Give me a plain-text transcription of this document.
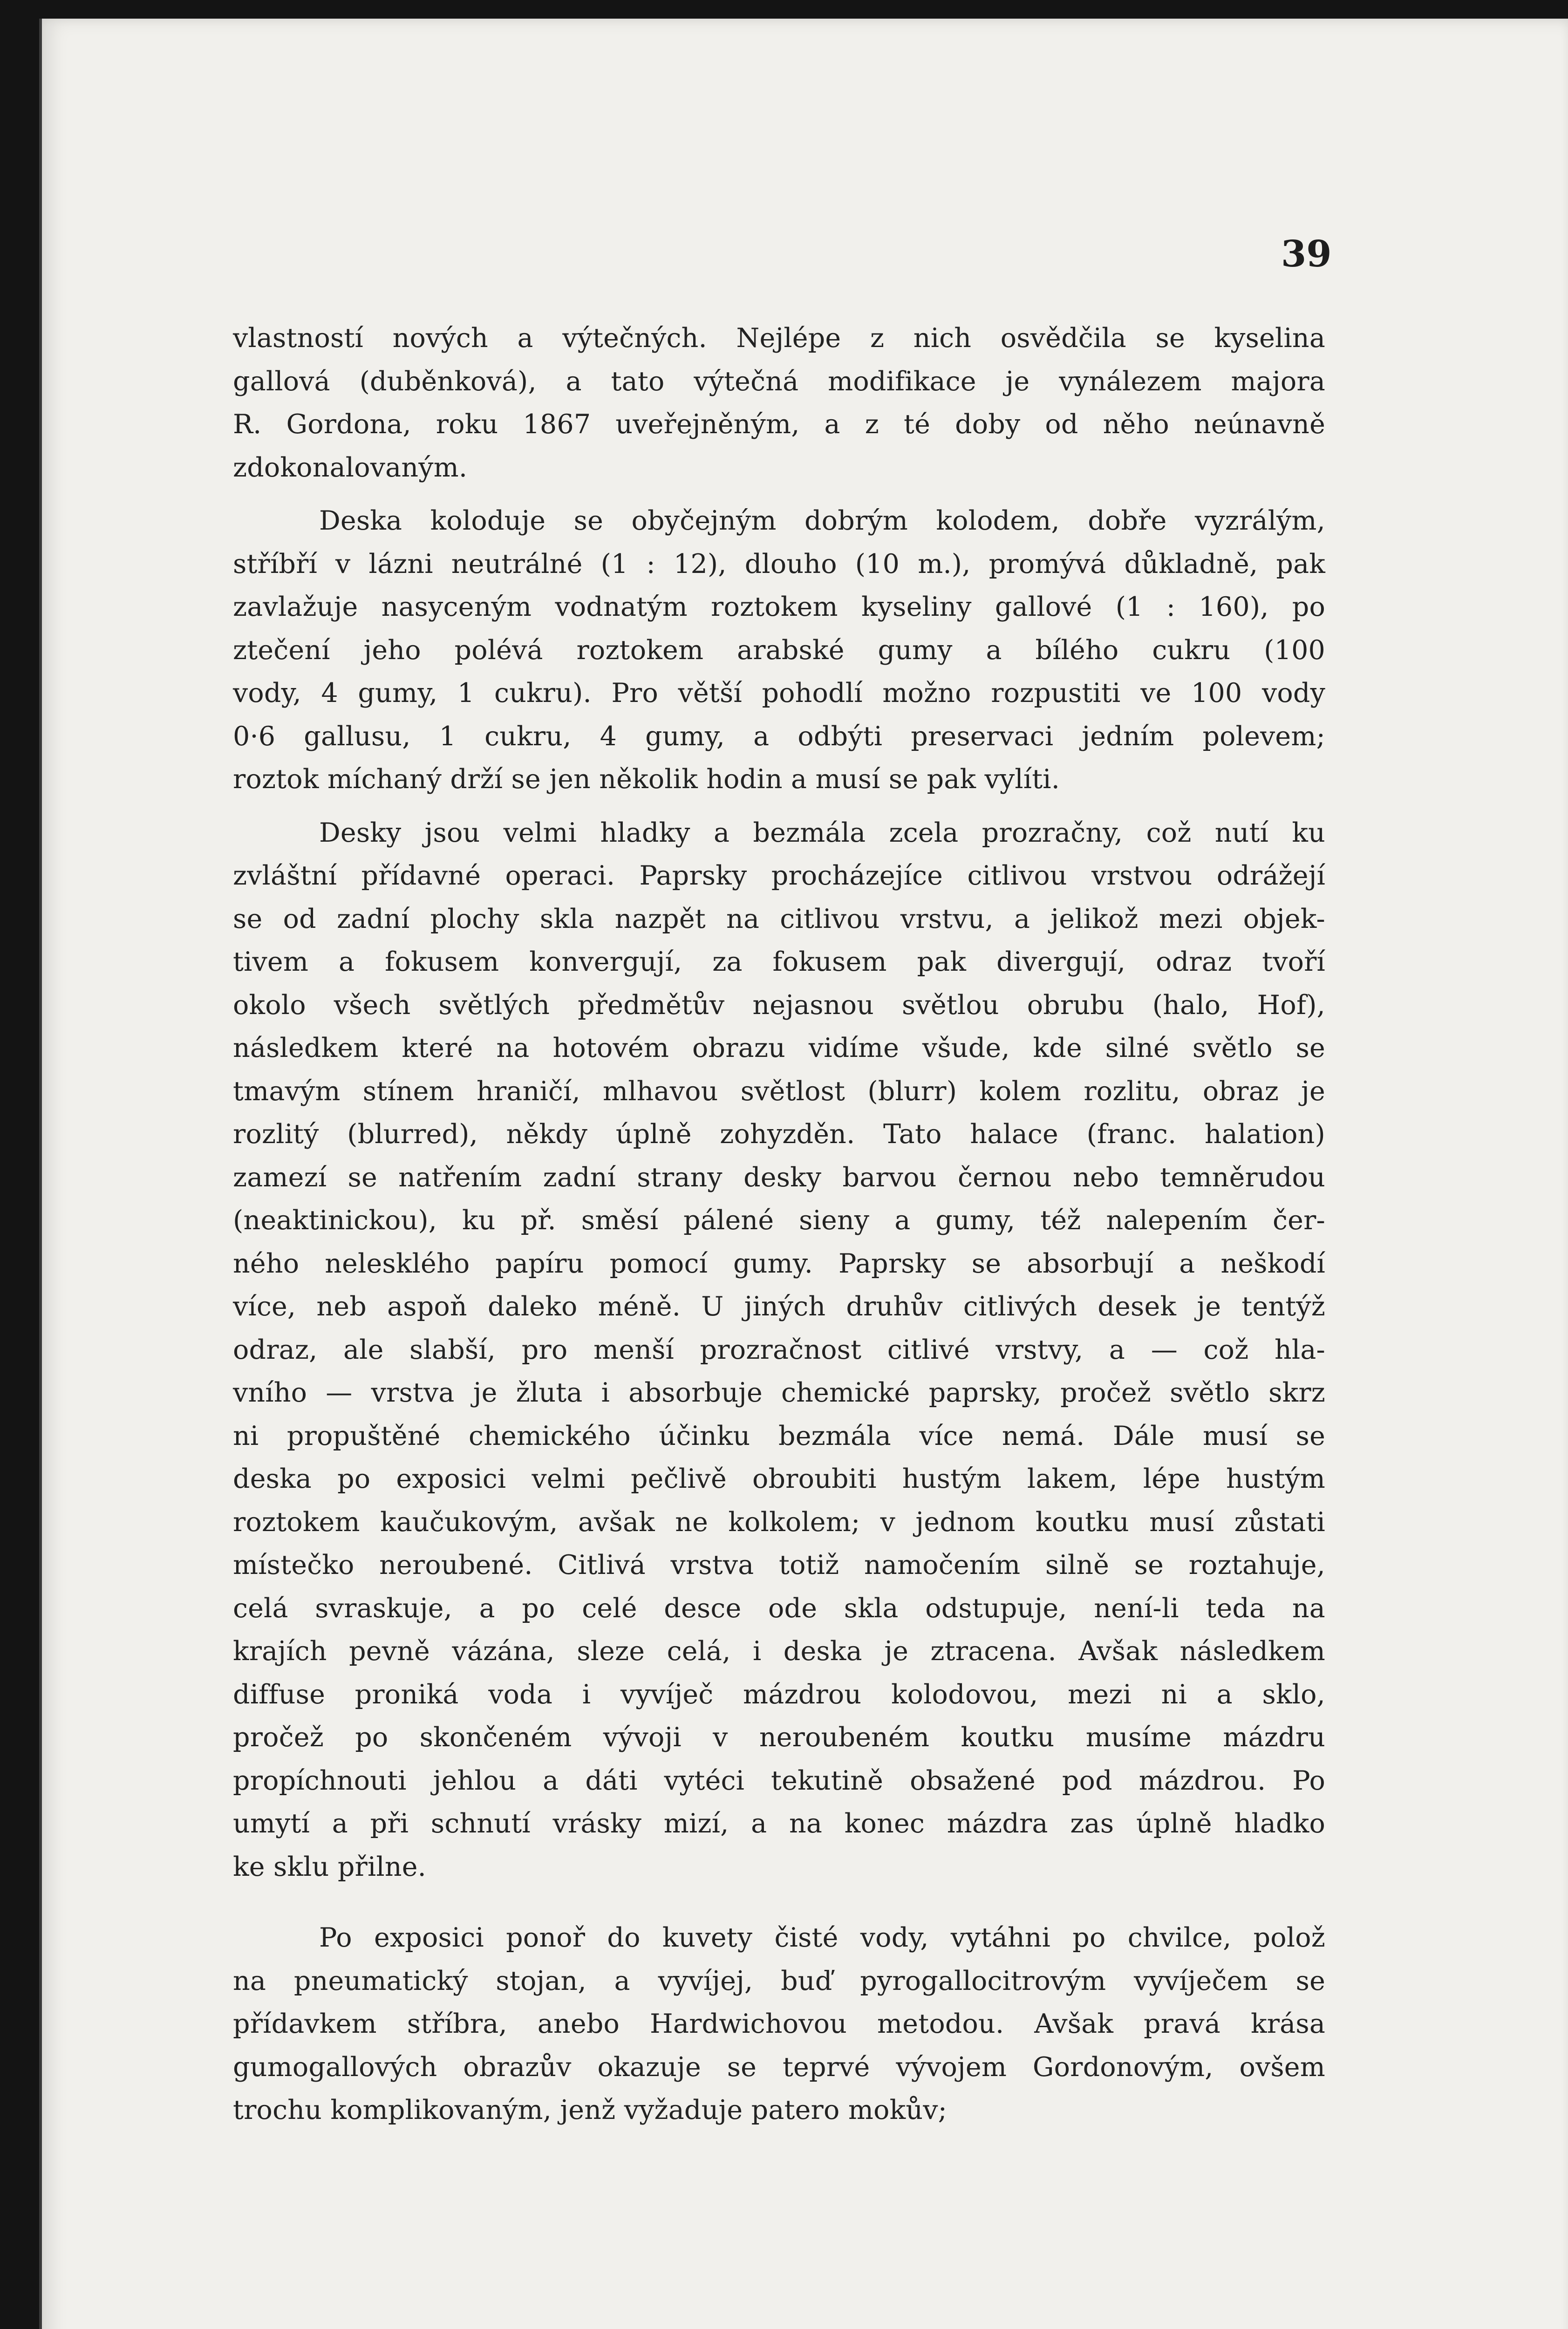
39
vlastností nových a výtečných. Nejlépe z nich osvědčila se kyselina
gallová (duběnková), a tato výtečná modifikace je vynálezem majora
R. Gordona, roku 1867 uveřejněným, a z té doby od něho neúnavně
zdokonalovaným.
Deska koloduje se obyčejným dobrým kolodem, dobře vyzrálým,
stříbří v lázni neutrálné (1 : 12), dlouho (10 m.), promývá důkladně, pak
zavlažuje nasyceným vodnatým roztokem kyseliny gallové (1 : 160), po
ztečení jeho polévá roztokem arabské gumy a bílého cukru (100
vody, 4 gumy, 1 cukru). Pro větší pohodlí možno rozpustiti ve 100 vody
0·6 gallusu, 1 cukru, 4 gumy, a odbýti preservaci jedním polevem;
roztok míchaný drží se jen několik hodin a musí se pak vylíti.
Desky jsou velmi hladky a bezmála zcela prozračny, což nutí ku
zvláštní přídavné operaci. Paprsky procházejíce citlivou vrstvou odrážejí
se od zadní plochy skla nazpět na citlivou vrstvu, a jelikož mezi objek-
tivem a fokusem konvergují, za fokusem pak divergují, odraz tvoří
okolo všech světlých předmětův nejasnou světlou obrubu (halo, Hof),
následkem které na hotovém obrazu vidíme všude, kde silné světlo se
tmavým stínem hraničí, mlhavou světlost (blurr) kolem rozlitu, obraz je
rozlitý (blurred), někdy úplně zohyzděn. Tato halace (franc. halation)
zamezí se natřením zadní strany desky barvou černou nebo temněrudou
(neaktinickou), ku př. směsí pálené sieny a gumy, též nalepením čer-
ného neleskléhо papíru pomocí gumy. Paprsky se absorbují a neškodí
více, neb aspoň daleko méně. U jiných druhův citlivých desek je tentýž
odraz, ale slabší, pro menší prozračnost citlivé vrstvy, a — což hla-
vního — vrstva je žluta i absorbuje chemické paprsky, pročež světlo skrz
ni propuštěné chemického účinku bezmála více nemá. Dále musí se
deska po exposici velmi pečlivě obroubiti hustým lakem, lépe hustým
roztokem kaučukovým, avšak ne kolkolem; v jednom koutku musí zůstati
místečko neroubené. Citlivá vrstva totiž namočením silně se roztahuje,
celá svraskuje, a po celé desce ode skla odstupuje, není-li teda na
krajích pevně vázána, sleze celá, i deska je ztracena. Avšak následkem
diffuse proniká voda i vyvíječ mázdrou kolodovou, mezi ni a sklo,
pročež po skončeném vývoji v neroubeném koutku musíme mázdru
propíchnouti jehlou a dáti vytéci tekutině obsažené pod mázdrou. Po
umytí a při schnutí vrásky mizí, a na konec mázdra zas úplně hladko
ke sklu přilne.
Po exposici ponoř do kuvety čisté vody, vytáhni po chvilce, polož
na pneumatický stojan, a vyvíjej, buď pyrogallocitrovým vyvíječem se
přídavkem stříbra, anebo Hardwichovou metodou. Avšak pravá krása
gumogallových obrazův okazuje se teprvé vývojem Gordonovým, ovšem
trochu komplikovaným, jenž vyžaduje patero mokův;
